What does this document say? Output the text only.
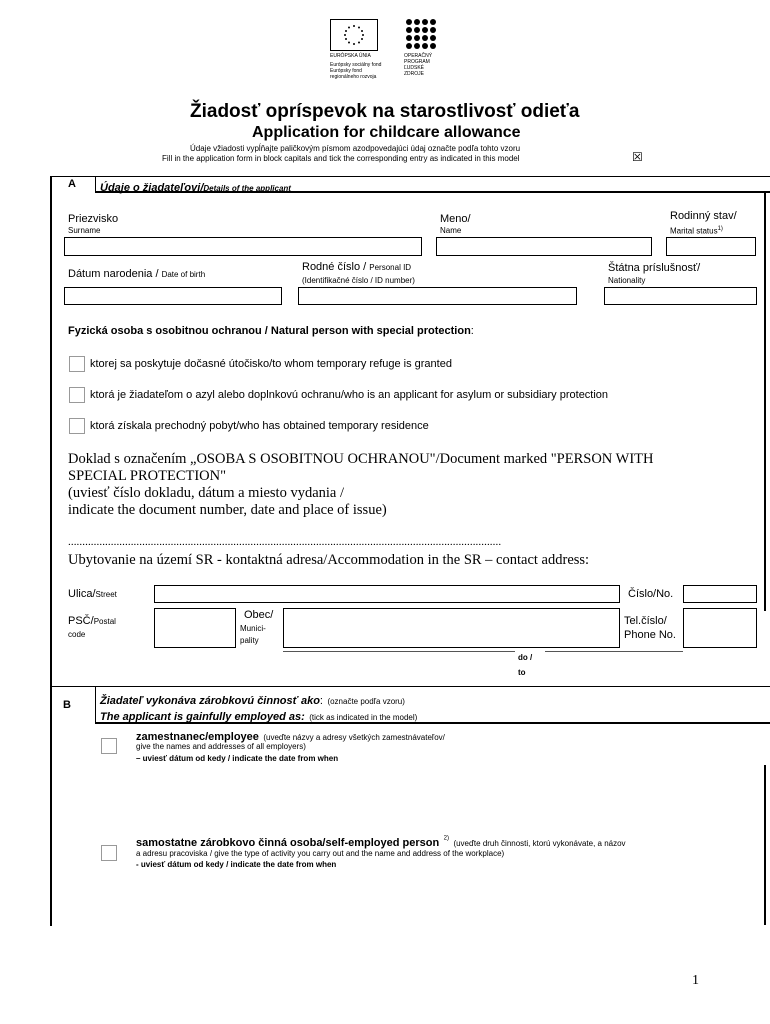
EURÓPSKA ÚNIA
Európsky sociálny fond
Európsky fond
regionálneho rozvoja
OPERAČNÝ
PROGRAM
ĽUDSKÉ
ZDROJE
Žiadosť opríspevok na starostlivosť odieťa
Application for childcare allowance
Údaje vžiadosti vypĺňajte paličkovým písmom azodpovedajúci údaj označte podľa tohto vzoru
Fill in the application form in block capitals and tick the corresponding entry as indicated in this model	☒
A Údaje o žiadateľovi/Details of the applicant
Priezvisko
Surname
Meno/
Name
Rodinný stav/
Marital status$^{1)}$
Dátum narodenia / Date of birth
Rodné číslo / Personal ID
(Identifikačné číslo / ID number)
Štátna príslušnosť/
Nationality
Fyzická osoba s osobitnou ochranou / Natural person with special protection:
ktorej sa poskytuje dočasné útočisko/to whom temporary refuge is granted
ktorá je žiadateľom o azyl alebo doplnkovú ochranu/who is an applicant for asylum or subsidiary protection
ktorá získala prechodný pobyt/who has obtained temporary residence
Doklad s označením „OSOBA S OSOBITNOU OCHRANOU"/Document marked "PERSON WITH
SPECIAL PROTECTION"
(uviesť číslo dokladu, dátum a miesto vydania /
indicate the document number, date and place of issue)
........................................................................................................................................................
Ubytovanie na území SR - kontaktná adresa/Accommodation in the SR – contact address:
Ulica/Street	Číslo/No.
PSČ/Postal
code
Obec/
Munici-
pality
Tel.číslo/
Phone No.
do /
to
B	Žiadateľ vykonáva zárobkovú činnosť ako: (označte podľa vzoru)
The applicant is gainfully employed as: (tick as indicated in the model)
zamestnanec/employee (uveďte názvy a adresy všetkých zamestnávateľov/
give the names and addresses of all employers)
– uviesť dátum od kedy / indicate the date from when
samostatne zárobkovo činná osoba/self-employed person $^{2)}$ (uveďte druh činnosti, ktorú vykonávate, a názov
a adresu pracoviska / give the type of activity you carry out and the name and address of the workplace)
- uviesť dátum od kedy / indicate the date from when
1
